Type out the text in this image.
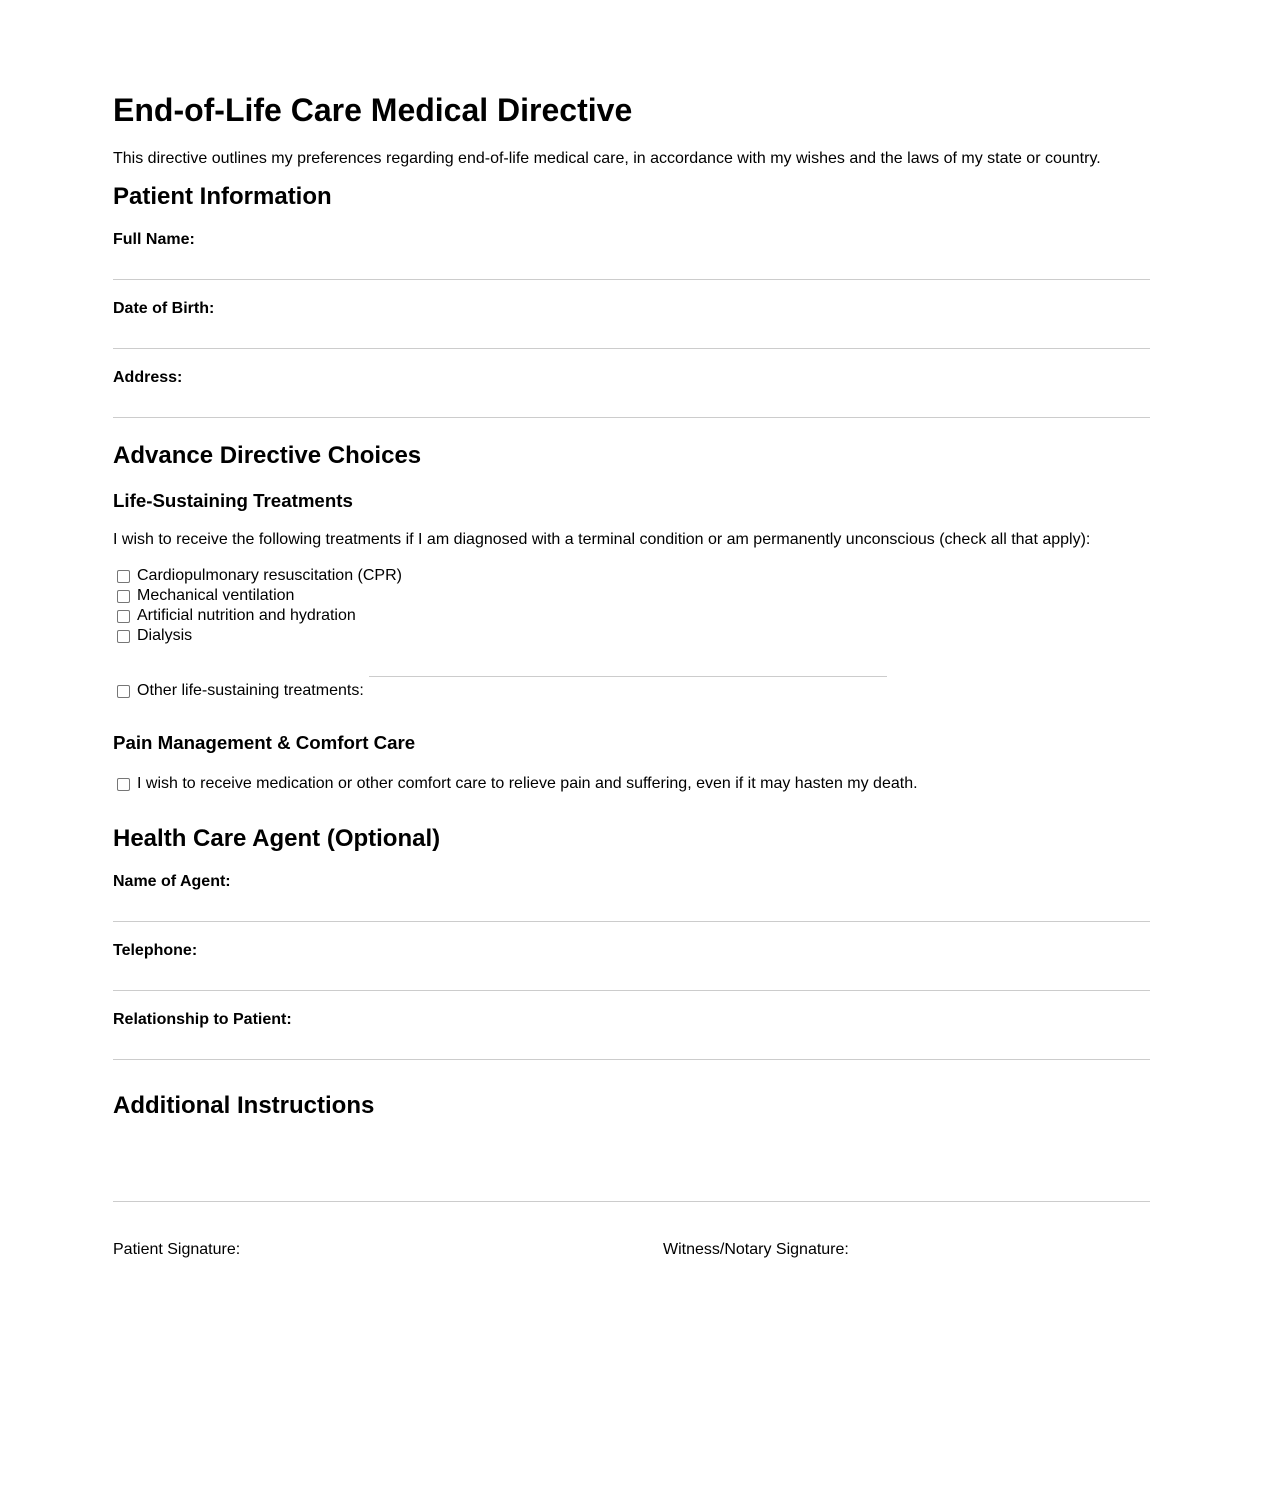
End-of-Life Care Medical Directive

This directive outlines my preferences regarding end-of-life medical care, in accordance with my wishes and the laws of my state or country.

Patient Information
Full Name:
Date of Birth:
Address:
Advance Directive Choices
Life-Sustaining Treatments

I wish to receive the following treatments if I am diagnosed with a terminal condition or am permanently unconscious (check all that apply):

Cardiopulmonary resuscitation (CPR)
Mechanical ventilation
Artificial nutrition and hydration
Dialysis
Other life-sustaining treatments:
Pain Management & Comfort Care
I wish to receive medication or other comfort care to relieve pain and suffering, even if it may hasten my death.
Health Care Agent (Optional)
Name of Agent:
Telephone:
Relationship to Patient:
Additional Instructions
Patient Signature:	Witness/Notary Signature:
